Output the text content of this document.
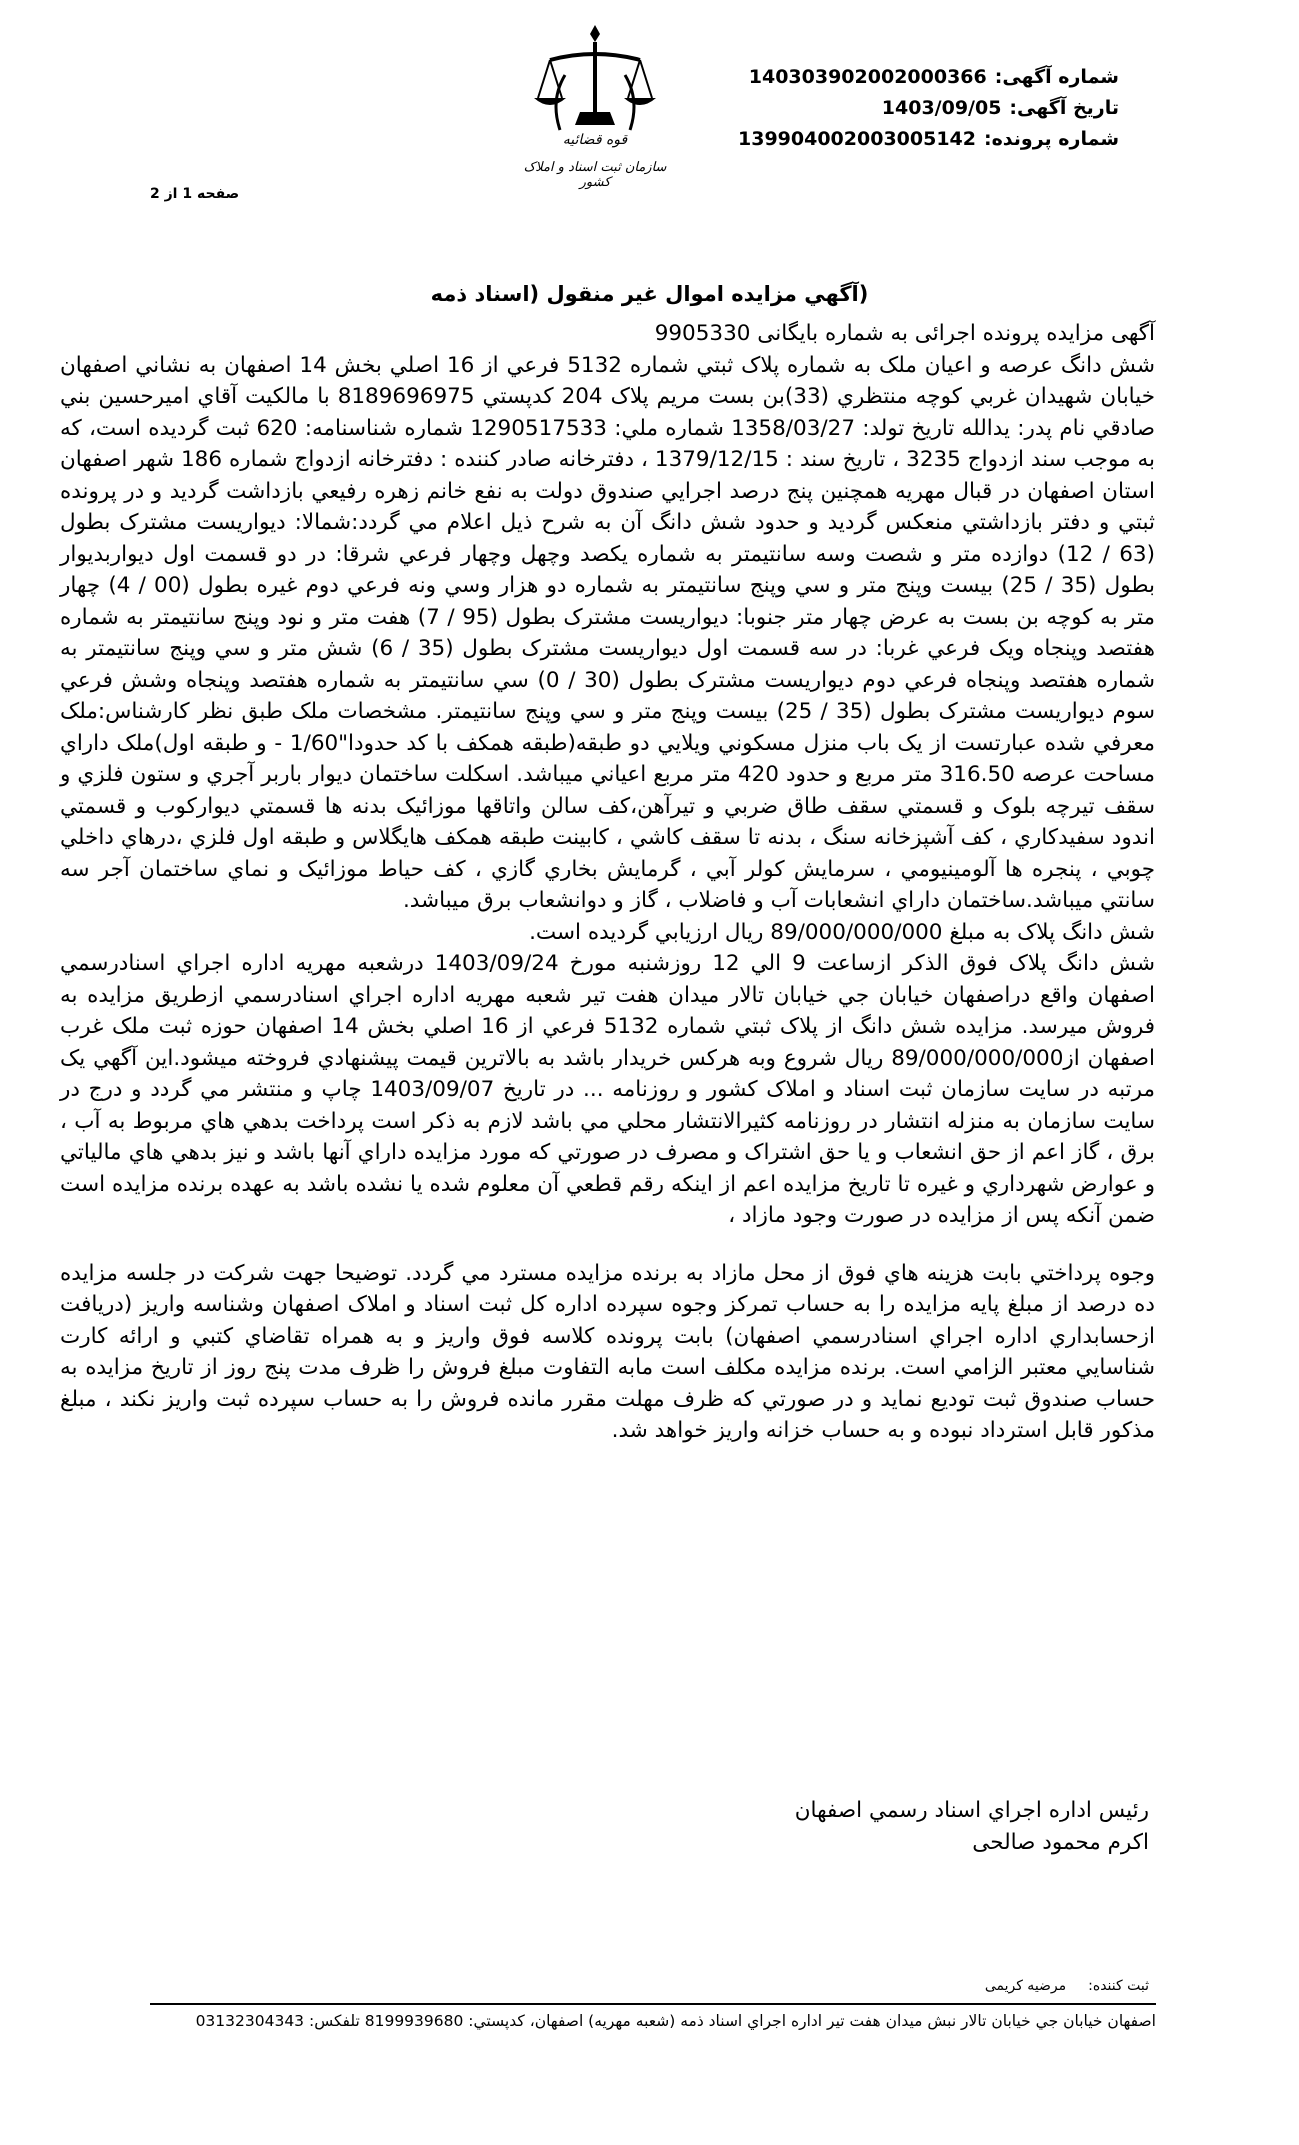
قوه قضائیه
سازمان ثبت اسناد و املاک کشور
شماره آگهی:140303902002000366
تاریخ آگهی:1403/09/05
شماره پرونده:139904002003005142
صفحه 1 از 2
(آگهي مزايده اموال غير منقول (اسناد ذمه

آگهی مزایده پرونده اجرائی به شماره بایگانی 9905330

شش دانگ عرصه و اعيان ملک به شماره پلاک ثبتي شماره 5132 فرعي از 16 اصلي بخش 14 اصفهان به نشاني اصفهان خيابان شهيدان غربي کوچه منتظري (33)بن بست مريم پلاک 204 کدپستي 8189696975 با مالکيت آقاي اميرحسين بني صادقي نام پدر: يدالله تاريخ تولد: 1358/03/27 شماره ملي: 1290517533 شماره شناسنامه: 620 ثبت گرديده است، که به موجب سند ازدواج 3235 ، تاريخ سند : 1379/12/15 ، دفترخانه صادر کننده : دفترخانه ازدواج شماره 186 شهر اصفهان استان اصفهان در قبال مهريه همچنين پنج درصد اجرايي صندوق دولت به نفع خانم زهره رفيعي بازداشت گرديد و در پرونده ثبتي و دفتر بازداشتي منعکس گرديد و حدود شش دانگ آن به شرح ذيل اعلام مي گردد:شمالا: ديواريست مشترک بطول (63 / 12) دوازده متر و شصت وسه سانتيمتر به شماره يکصد وچهل وچهار فرعي شرقا: در دو قسمت اول ديواربديوار بطول (35 / 25) بيست وپنج متر و سي وپنج سانتيمتر به شماره دو هزار وسي ونه فرعي دوم غيره بطول (00 / 4) چهار متر به کوچه بن بست به عرض چهار متر جنوبا: ديواريست مشترک بطول (95 / 7) هفت متر و نود وپنج سانتيمتر به شماره هفتصد وپنجاه ويک فرعي غربا: در سه قسمت اول ديواريست مشترک بطول (35 / 6) شش متر و سي وپنج سانتيمتر به شماره هفتصد وپنجاه فرعي دوم ديواريست مشترک بطول (30 / 0) سي سانتيمتر به شماره هفتصد وپنجاه وشش فرعي سوم ديواريست مشترک بطول (35 / 25) بيست وپنج متر و سي وپنج سانتيمتر. مشخصات ملک طبق نظر کارشناس:ملک معرفي شده عبارتست از يک باب منزل مسکوني ويلايي دو طبقه(طبقه همکف با کد حدودا"1/60 - و طبقه اول)ملک داراي مساحت عرصه 316.50 متر مربع و حدود 420 متر مربع اعياني ميباشد. اسکلت ساختمان ديوار باربر آجري و ستون فلزي و سقف تيرچه بلوک و قسمتي سقف طاق ضربي و تيرآهن،کف سالن واتاقها موزائيک بدنه ها قسمتي ديوارکوب و قسمتي اندود سفيدکاري ، کف آشپزخانه سنگ ، بدنه تا سقف کاشي ، کابينت طبقه همکف هايگلاس و طبقه اول فلزي ،درهاي داخلي چوبي ، پنجره ها آلومينيومي ، سرمايش کولر آبي ، گرمايش بخاري گازي ، کف حياط موزائيک و نماي ساختمان آجر سه سانتي ميباشد.ساختمان داراي انشعابات آب و فاضلاب ، گاز و دوانشعاب برق ميباشد.

شش دانگ پلاک به مبلغ 89/000/000/000 ريال ارزيابي گرديده است.

شش دانگ پلاک فوق الذکر ازساعت 9 الي 12 روزشنبه مورخ 1403/09/24 درشعبه مهريه اداره اجراي اسنادرسمي اصفهان واقع دراصفهان خيابان جي خيابان تالار ميدان هفت تير شعبه مهريه اداره اجراي اسنادرسمي ازطريق مزايده به فروش ميرسد. مزايده شش دانگ از پلاک ثبتي شماره 5132 فرعي از 16 اصلي بخش 14 اصفهان حوزه ثبت ملک غرب اصفهان از89/000/000/000 ريال شروع وبه هرکس خريدار باشد به بالاترين قيمت پيشنهادي فروخته ميشود.اين آگهي يک مرتبه در سايت سازمان ثبت اسناد و املاک کشور و روزنامه ... در تاريخ 1403/09/07 چاپ و منتشر مي گردد و درج در سايت سازمان به منزله انتشار در روزنامه کثيرالانتشار محلي مي باشد لازم به ذکر است پرداخت بدهي هاي مربوط به آب ، برق ، گاز اعم از حق انشعاب و يا حق اشتراک و مصرف در صورتي که مورد مزايده داراي آنها باشد و نيز بدهي هاي مالياتي و عوارض شهرداري و غيره تا تاريخ مزايده اعم از اينکه رقم قطعي آن معلوم شده يا نشده باشد به عهده برنده مزايده است ضمن آنکه پس از مزايده در صورت وجود مازاد ،

وجوه پرداختي بابت هزينه هاي فوق از محل مازاد به برنده مزايده مسترد مي گردد. توضيحا جهت شرکت در جلسه مزايده ده درصد از مبلغ پايه مزايده را به حساب تمرکز وجوه سپرده اداره کل ثبت اسناد و املاک اصفهان وشناسه واريز (دريافت ازحسابداري اداره اجراي اسنادرسمي اصفهان) بابت پرونده کلاسه فوق واريز و به همراه تقاضاي کتبي و ارائه کارت شناسايي معتبر الزامي است. برنده مزايده مکلف است مابه التفاوت مبلغ فروش را ظرف مدت پنج روز از تاريخ مزايده به حساب صندوق ثبت توديع نمايد و در صورتي که ظرف مهلت مقرر مانده فروش را به حساب سپرده ثبت واريز نکند ، مبلغ مذکور قابل استرداد نبوده و به حساب خزانه واريز خواهد شد.

رئيس اداره اجراي اسناد رسمي اصفهان
اکرم محمود صالحی
ثبت کننده:مرضیه کریمی
اصفهان خيابان جي خيابان تالار نبش ميدان هفت تير اداره اجراي اسناد ذمه (شعبه مهريه) اصفهان، کدپستي: 8199939680 تلفكس: 03132304343
